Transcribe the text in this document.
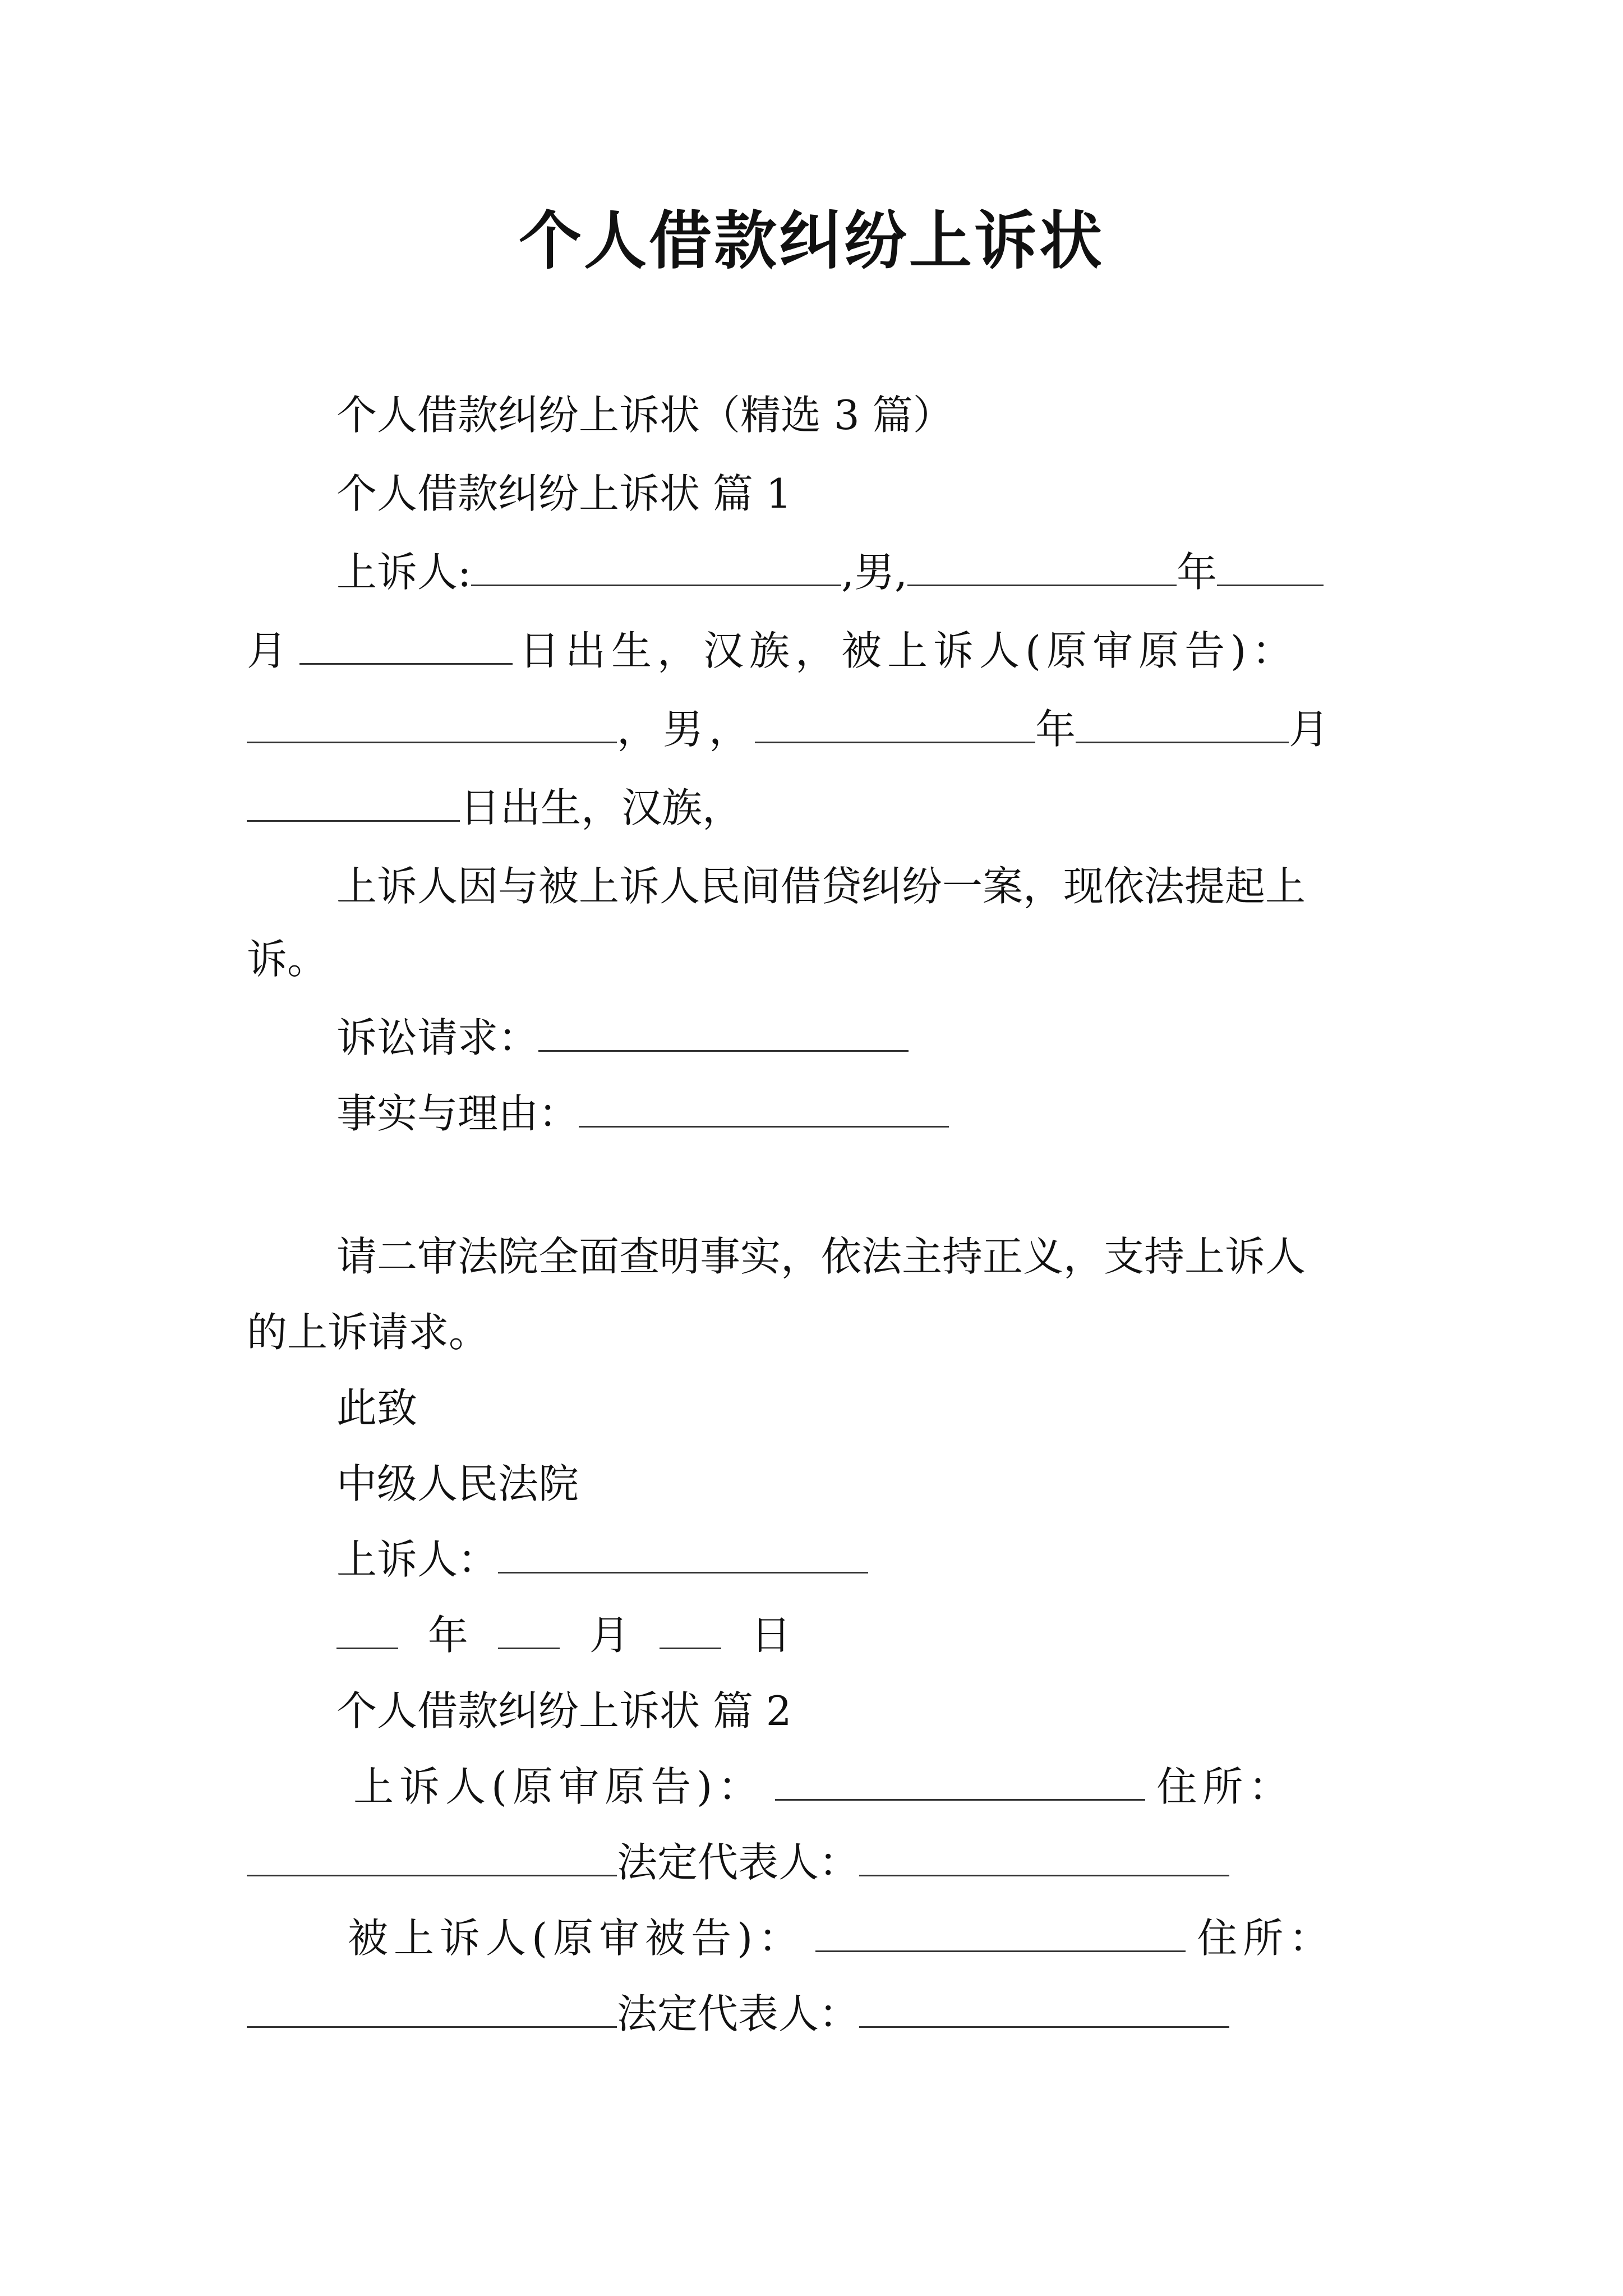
个人借款纠纷上诉状
个人借款纠纷上诉状（精选 3 篇）
个人借款纠纷上诉状 篇 1
上诉人:	,男,	年
月	日出生，汉族，被上诉人(原审原告)：
，男，	年	月
日出生，汉族，
上诉人因与被上诉人民间借贷纠纷一案，现依法提起上
诉。
诉讼请求：
事实与理由：
请二审法院全面查明事实，依法主持正义，支持上诉人
的上诉请求。
此致
中级人民法院
上诉人：
年	月	日
个人借款纠纷上诉状 篇 2
上诉人(原审原告)：	住所：
法定代表人：
被上诉人(原审被告)：	住所：
法定代表人：
